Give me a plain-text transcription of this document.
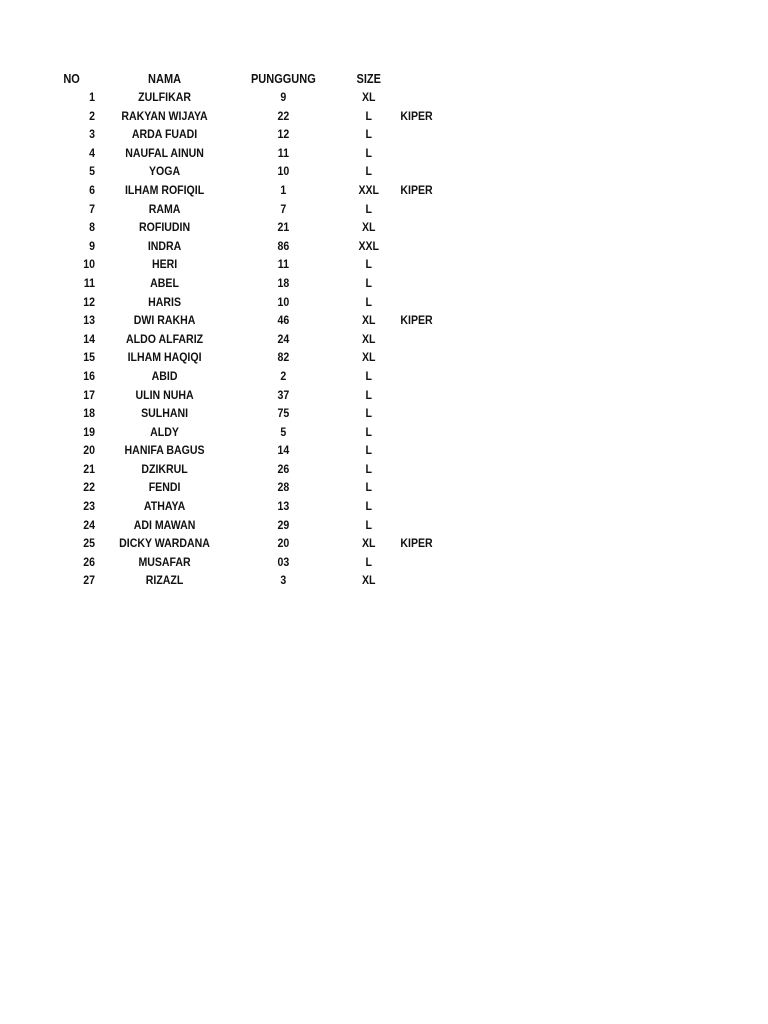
NO	NAMA	PUNGGUNG	SIZE
1	ZULFIKAR	9	XL
2	RAKYAN WIJAYA	22	L	KIPER
3	ARDA FUADI	12	L
4	NAUFAL AINUN	11	L
5	YOGA	10	L
6	ILHAM ROFIQIL	1	XXL	KIPER
7	RAMA	7	L
8	ROFIUDIN	21	XL
9	INDRA	86	XXL
10	HERI	11	L
11	ABEL	18	L
12	HARIS	10	L
13	DWI RAKHA	46	XL	KIPER
14	ALDO ALFARIZ	24	XL
15	ILHAM HAQIQI	82	XL
16	ABID	2	L
17	ULIN NUHA	37	L
18	SULHANI	75	L
19	ALDY	5	L
20	HANIFA BAGUS	14	L
21	DZIKRUL	26	L
22	FENDI	28	L
23	ATHAYA	13	L
24	ADI MAWAN	29	L
25	DICKY WARDANA	20	XL	KIPER
26	MUSAFAR	03	L
27	RIZAZL	3	XL
